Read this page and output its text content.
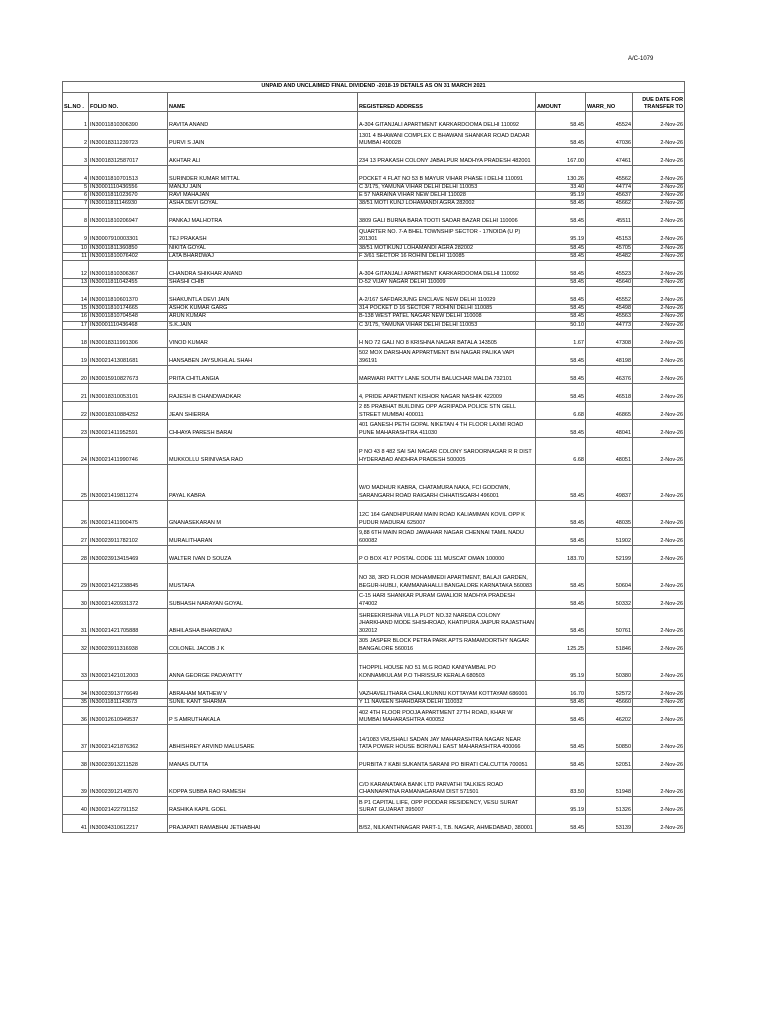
A/C-1079
UNPAID AND UNCLAIMED FINAL DIVIDEND -2018-19 DETAILS AS ON 31 MARCH 2021						
SL.NO .	FOLIO NO.	NAME	REGISTERED ADDRESS	AMOUNT	WARR_NO	DUE DATE FOR TRANSFER TO
1	IN30011810306390	RAVITA ANAND	A-304 GITANJALI APARTMENT KARKARDOOMA DELHI 110092	58.45	45524	2-Nov-26
2	IN30018311239723	PURVI S JAIN	1301 4 BHAWANI COMPLEX C BHAWANI SHANKAR ROAD DADAR MUMBAI 400028	58.45	47036	2-Nov-26
3	IN30018312587017	AKHTAR ALI	234 13 PRAKASH COLONY JABALPUR MADHYA PRADESH 482001	167.00	47461	2-Nov-26
4	IN30011810701513	SURINDER KUMAR MITTAL	POCKET 4 FLAT NO 53 B MAYUR VIHAR PHASE I DELHI 110091	130.26	45562	2-Nov-26
5	IN30001110436556	MANJU JAIN	C 3/175, YAMUNA VIHAR DELHI DELHI 110053	33.40	44774	2-Nov-26
6	IN30011811023670	RAVI MAHAJAN	E 57 NARAINA VIHAR NEW DELHI 110028	95.19	45637	2-Nov-26
7	IN30011811146930	ASHA DEVI GOYAL	38/51 MOTI KUNJ LOHAMANDI AGRA 282002	58.45	45662	2-Nov-26
8	IN30011810206947	PANKAJ MALHOTRA	3809 GALI BURNA BARA TOOTI SADAR BAZAR DELHI 110006	58.45	45511	2-Nov-26
9	IN30007910003301	TEJ PRAKASH	QUARTER NO. 7-A BHEL TOWNSHIP SECTOR - 17NOIDA (U P) 201301	95.19	45153	2-Nov-26
10	IN30011811360850	NIKITA GOYAL	38/51 MOTIKUNJ LOHAMANDI AGRA 282002	58.45	45705	2-Nov-26
11	IN30011810076402	LATA BHARDWAJ	F 3/61 SECTOR 16 ROHINI DELHI 110085	58.45	45482	2-Nov-26
12	IN30011810306367	CHANDRA SHIKHAR ANAND	A-304 GITANJALI APARTMENT KARKARDOOMA DELHI 110092	58.45	45523	2-Nov-26
13	IN30011811042455	SHASHI CHIB	D-52 VIJAY NAGAR DELHI 110009	58.45	45640	2-Nov-26
14	IN30011810601370	SHAKUNTLA DEVI JAIN	A-2/167 SAFDARJUNG ENCLAVE NEW DELHI 110029	58.45	45552	2-Nov-26
15	IN30011810174665	ASHOK KUMAR GARG	314 POCKET D 16 SECTOR 7 ROHINI DELHI 110085	58.45	45498	2-Nov-26
16	IN30011810704548	ARUN KUMAR	B-138 WEST PATEL NAGAR NEW DELHI 110008	58.45	45563	2-Nov-26
17	IN30001110436468	S.K.JAIN	C 3/175, YAMUNA VIHAR DELHI DELHI 110053	50.10	44773	2-Nov-26
18	IN30018311991306	VINOD KUMAR	H NO 72 GALI NO 8 KRISHNA NAGAR BATALA 143505	1.67	47308	2-Nov-26
19	IN30021413081681	HANSABEN JAYSUKHLAL SHAH	502 MOX DARSHAN APPARTMENT B/H NAGAR PALIKA VAPI 396191	58.45	48198	2-Nov-26
20	IN30015910827673	PRITA CHITLANGIA	MARWARI PATTY LANE SOUTH BALUCHAR MALDA 732101	58.45	46376	2-Nov-26
21	IN30018310053101	RAJESH B CHANDWADKAR	4, PRIDE APARTMENT KISHOR NAGAR NASHIK 422009	58.45	46518	2-Nov-26
22	IN30018310884252	JEAN SHIERRA	2 85 PRABHAT BUILDING OPP AGRIPADA POLICE STN GELL STREET MUMBAI 400011	6.68	46865	2-Nov-26
23	IN30021411952591	CHHAYA PARESH BARAI	401 GANESH PETH GOPAL NIKETAN 4 TH FLOOR LAXMI ROAD PUNE MAHARASHTRA 411030	58.45	48041	2-Nov-26
24	IN30021411990746	MUKKOLLU SRINIVASA RAO	P NO 43 8 482 SAI SAI NAGAR COLONY SAROORNAGAR R R DIST HYDERABAD ANDHRA PRADESH 500005	6.68	48051	2-Nov-26
25	IN30021419811274	PAYAL KABRA	W/O MADHUR KABRA, CHATAMURA NAKA, FCI GODOWN, SARANGARH ROAD RAIGARH CHHATISGARH 496001	58.45	49837	2-Nov-26
26	IN30021411900475	GNANASEKARAN M	12C 164 GANDHIPURAM MAIN ROAD KALIAMMAN KOVIL OPP K PUDUR MADURAI 625007	58.45	48035	2-Nov-26
27	IN30023911782102	MURALITHARAN	9,88 6TH MAIN ROAD JAWAHAR NAGAR CHENNAI TAMIL NADU 600082	58.45	51902	2-Nov-26
28	IN30023913415469	WALTER IVAN D SOUZA	P O BOX 417 POSTAL CODE 111 MUSCAT OMAN 100000	183.70	52199	2-Nov-26
29	IN30021421238845	MUSTAFA	NO 38, 3RD FLOOR MOHAMMEDI APARTMENT, BALAJI GARDEN, BEGUR-HUBLI, KAMMANAHALLI BANGALORE KARNATAKA 560083	58.45	50604	2-Nov-26
30	IN30021420931372	SUBHASH NARAYAN GOYAL	C-15 HARI SHANKAR PURAM GWALIOR MADHYA PRADESH 474002	58.45	50332	2-Nov-26
31	IN30021421705888	ABHILASHA BHARDWAJ	SHREEKRISHNA VILLA PLOT NO.32 NAREDA COLONY JHARKHAND MODE SHISHROAD, KHATIPURA JAIPUR RAJASTHAN 302012	58.45	50761	2-Nov-26
32	IN30023911316938	COLONEL JACOB J K	305 JASPER BLOCK PETRA PARK APTS RAMAMOORTHY NAGAR BANGALORE 560016	125.25	51846	2-Nov-26
33	IN30021421012003	ANNA GEORGE PADAYATTY	THOPPIL HOUSE NO 51 M.G ROAD KANIYAMBAL PO KONNAMKULAM P.O THRISSUR KERALA 680503	95.19	50380	2-Nov-26
34	IN30023913776649	ABRAHAM MATHEW V	VAZHAVELITHARA CHALUKUNNU KOTTAYAM KOTTAYAM 686001	16.70	52572	2-Nov-26
35	IN30011811143673	SUNIL KANT SHARMA	Y 11 NAVEEN SHAHDARA DELHI 110032	58.45	45660	2-Nov-26
36	IN30012610949537	P S AMRUTHAKALA	402 4TH FLOOR POOJA APARTMENT 27TH ROAD, KHAR W MUMBAI MAHARASHTRA 400052	58.45	46202	2-Nov-26
37	IN30021421876362	ABHISHREY ARVIND MALUSARE	14/1083 VRUSHALI SADAN JAY MAHARASHTRA NAGAR NEAR TATA POWER HOUSE BORIVALI EAST MAHARASHTRA 400066	58.45	50850	2-Nov-26
38	IN30023913211528	MANAS DUTTA	PURBITA 7 KABI SUKANTA SARANI PO BIRATI CALCUTTA 700051	58.45	52051	2-Nov-26
39	IN30023912140570	KOPPA SUBBA RAO RAMESH	C/O KARANATAKA BANK LTD PARVATHI TALKIES ROAD CHANNAPATNA RAMANAGARAM DIST 571501	83.50	51948	2-Nov-26
40	IN30021422791152	RASHIKA KAPIL GOEL	B P1 CAPITAL LIFE, OPP PODDAR RESIDENCY, VESU SURAT SURAT GUJARAT 395007	95.19	51326	2-Nov-26
41	IN30034310612217	PRAJAPATI RAMABHAI JETHABHAI	B/52, NILKANTHNAGAR PART-1, T.B. NAGAR, AHMEDABAD, 380001	58.45	53139	2-Nov-26
